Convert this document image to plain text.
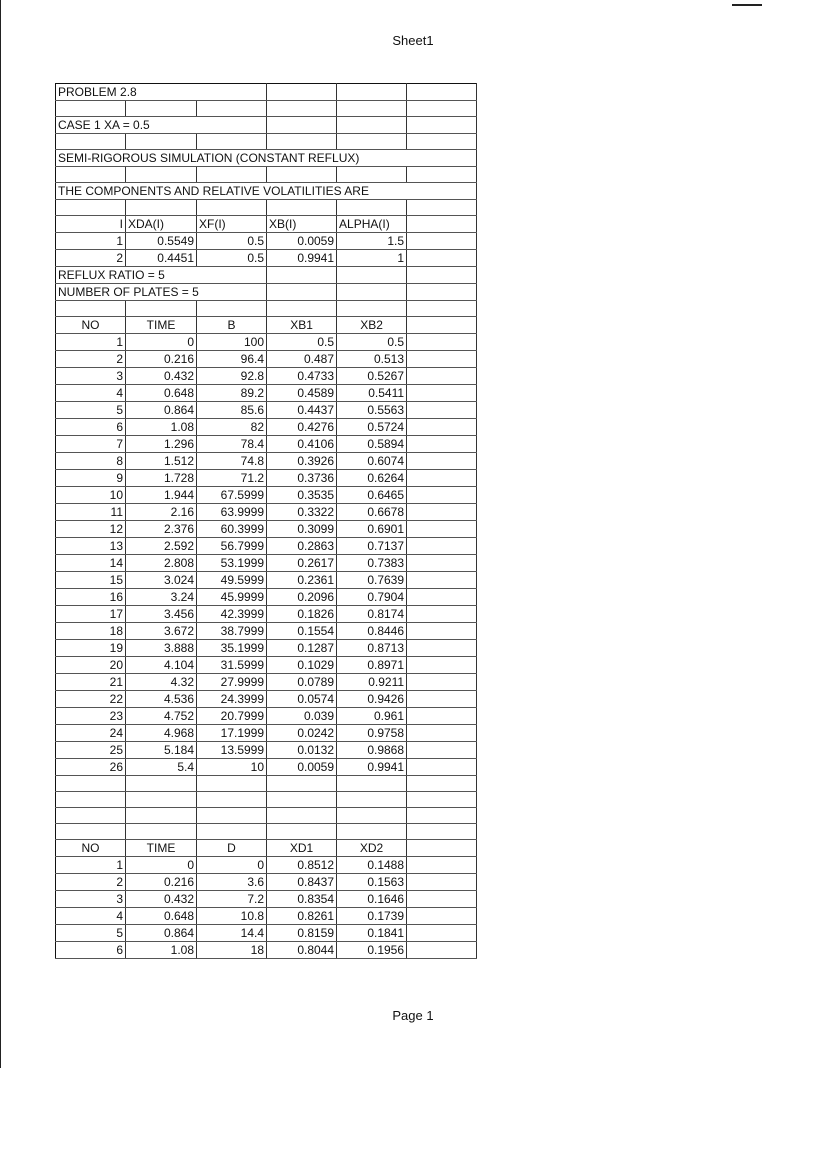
Sheet1
PROBLEM 2.8					

CASE 1 XA = 0.5					

SEMI-RIGOROUS SIMULATION (CONSTANT REFLUX)					

THE COMPONENTS AND RELATIVE VOLATILITIES ARE					

I	XDA(I)	XF(I)	XB(I)	ALPHA(I)	
1	0.5549	0.5	0.0059	1.5	
2	0.4451	0.5	0.9941	1	
REFLUX RATIO = 5					
NUMBER OF PLATES = 5					

NO	TIME	B	XB1	XB2	
1	0	100	0.5	0.5	
2	0.216	96.4	0.487	0.513	
3	0.432	92.8	0.4733	0.5267	
4	0.648	89.2	0.4589	0.5411	
5	0.864	85.6	0.4437	0.5563	
6	1.08	82	0.4276	0.5724	
7	1.296	78.4	0.4106	0.5894	
8	1.512	74.8	0.3926	0.6074	
9	1.728	71.2	0.3736	0.6264	
10	1.944	67.5999	0.3535	0.6465	
11	2.16	63.9999	0.3322	0.6678	
12	2.376	60.3999	0.3099	0.6901	
13	2.592	56.7999	0.2863	0.7137	
14	2.808	53.1999	0.2617	0.7383	
15	3.024	49.5999	0.2361	0.7639	
16	3.24	45.9999	0.2096	0.7904	
17	3.456	42.3999	0.1826	0.8174	
18	3.672	38.7999	0.1554	0.8446	
19	3.888	35.1999	0.1287	0.8713	
20	4.104	31.5999	0.1029	0.8971	
21	4.32	27.9999	0.0789	0.9211	
22	4.536	24.3999	0.0574	0.9426	
23	4.752	20.7999	0.039	0.961	
24	4.968	17.1999	0.0242	0.9758	
25	5.184	13.5999	0.0132	0.9868	
26	5.4	10	0.0059	0.9941	

NO	TIME	D	XD1	XD2	
1	0	0	0.8512	0.1488	
2	0.216	3.6	0.8437	0.1563	
3	0.432	7.2	0.8354	0.1646	
4	0.648	10.8	0.8261	0.1739	
5	0.864	14.4	0.8159	0.1841	
6	1.08	18	0.8044	0.1956	
Page 1
